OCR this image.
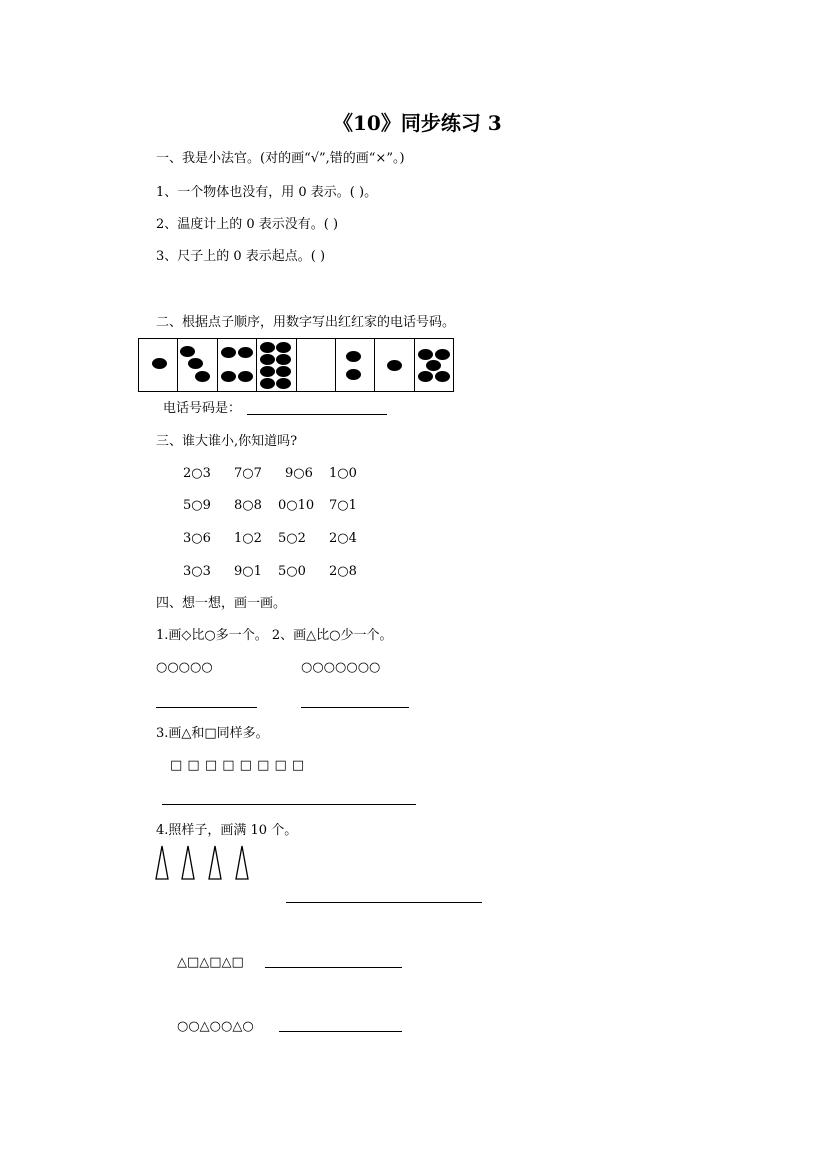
《10》同步练习 3
一、我是小法官。(对的画“√”,错的画“×”。)
1、一个物体也没有，用 0 表示。( )。
2、温度计上的 0 表示没有。( )
3、尺子上的 0 表示起点。( )
二、根据点子顺序，用数字写出红红家的电话号码。
电话号码是：
三、谁大谁小,你知道吗?
2○3 7○7 9○6 1○0
5○9 8○8 0○10 7○1
3○6 1○2 5○2 2○4
3○3 9○1 5○0 2○8
四、想一想，画一画。
1.画◇比○多一个。 2、画△比○少一个。
○○○○○	○○○○○○○
3.画△和□同样多。
□ □ □ □ □ □ □ □
4.照样子，画满 10 个。
△□△□△□
○○△○○△○
